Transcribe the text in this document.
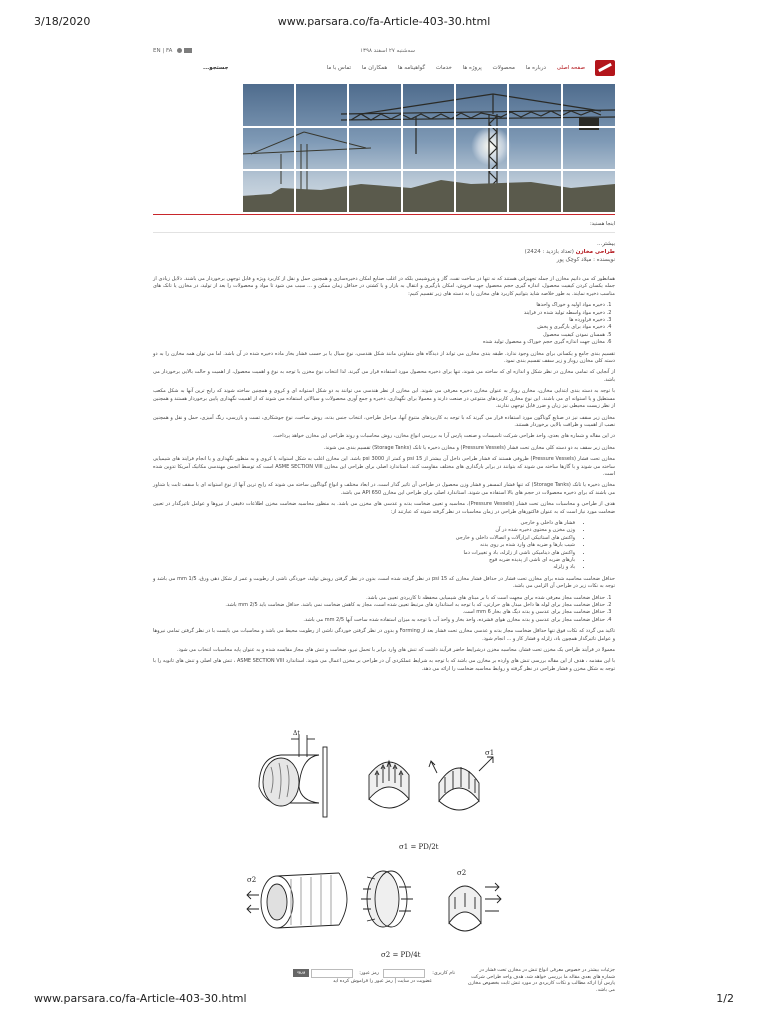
3/18/2020	www.parsara.co/fa-Article-403-30.html
سه‌شنبه ۲۷ اسفند ۱۳۹۸
EN | FA
صفحه اصلی درباره ما محصولات پروژه ها خدمات گواهینامه ها همکاران ما تماس با ما
جستجو...
اینجا هستید:
بیشتر...
طراحی مخازن (تعداد بازدید : 2424)
نویسنده : میلاد کوچک پور

همانطور که می دانیم مخازن از جمله تجهیزاتی هستند که نه تنها در ساخت نفت، گاز و پتروشیمی بلکه در اغلب صنایع امکان ذخیره‌سازی و همچنین حمل و نقل از کاربرد ویژه و قابل توجهی برخوردار می باشند. دلایل زیادی از جمله یکسان کردن کیفیت محصول، اندازه گیری حجم محصول جهت فروش، امکان بارگیری و انتقال به بازار و یا کشتی در حداقل زمان ممکن و ... سبب می شود تا مواد و محصولات را بعد از تولید، در مخازن یا تانک های مناسب ذخیره نمایند. به طور خلاصه شاید بتوانیم کاربرد های مخازن را به دسته های زیر تقسیم کنیم:

1. ذخیره مواد اولیه و خوراک واحدها
2. ذخیره مواد واسطه تولید شده در فرایند
3. ذخیره فراورده ها
4. ذخیره مواد برای بارگیری و پخش
5. همسان نمودن کیفیت محصول
6. مخازن جهت اندازه گیری حجم خوراک و محصول تولید شده

تقسیم بندی جامع و یکسانی برای مخازن وجود ندارد. طبقه بندی مخازن می تواند از دیدگاه های متفاوتی مانند شکل هندسی، نوع سیال یا بر حسب فشار بخار ماده ذخیره شده در آن باشد. اما می توان همه مخازن را به دو دسته کلی مخازن روباز و زیر سقف تقسیم بندی نمود.

از آنجایی که تمامی مخازن در نظر شکل و اندازه ای که ساخته می شوند، تنها برای ذخیره محصول مورد استفاده قرار می گیرند. لذا انتخاب نوع مخزن با توجه به نوع و اهمیت محصول، از اهمیت و حالت بالایی برخوردار می باشد.

با توجه به دسته بندی ابتدایی مخازن، مخازن روباز به عنوان مخازن ذخیره معرفی می شوند. این مخازن از نظر هندسی می توانند به دو شکل استوانه ای و کروی و همچنین ساخته شوند که رایج ترین آنها به شکل مکعب مستطیل و یا استوانه ای می باشند. این نوع مخازن کاربردهای متنوعی در صنعت دارند و معمولا برای نگهداری، ذخیره و جمع آوری محصولات و سیالاتی استفاده می شوند که از اهمیت نگهداری پایین برخوردار هستند و همچنین از نظر زیست محیطی نیز زیان و ضرر قابل توجهی ندارند.

مخازن زیر سقف نیز در صنایع گوناگون مورد استفاده قرار می گیرند که با توجه به کاربردهای متنوع آنها، مراحل طراحی، انتخاب جنس بدنه، روش ساخت، نوع جوشکاری، تست و بازرسی، رنگ آمیزی، حمل و نقل و همچنین نصب از اهمیت و ظرافت بالایی برخوردار هستند.

در این مقاله و شماره های بعدی، واحد طراحی شرکت تاسیسات و صنعت پارس آرا به بررسی انواع مخازن، روش محاسبات و روند طراحی این مخازن خواهد پرداخت.

مخازن زیر سقف به دو دسته کلی مخازن تحت فشار (Pressure Vessels) و مخازن ذخیره یا تانک (Storage Tanks) تقسیم بندی می شوند.

مخازن تحت فشار (Pressure Vessels) ظروفی هستند که فشار طراحی داخل آن بیشتر از psi 15 و کمتر از psi 3000 باشد. این مخازن اغلب به شکل استوانه یا کروی و به منظور نگهداری و یا انجام فرایند های شیمیایی ساخته می شوند و با گازها ساخته می شوند که بتوانند در برابر بارگذاری های مختلف مقاومت کنند. استاندارد اصلی برای طراحی این مخازن ASME SECTION VIII است که توسط انجمن مهندسی مکانیک آمریکا تدوین شده است.

مخازن ذخیره یا تانک (Storage Tanks) که تنها فشار اتمسفر و فشار وزن محصول در طراحی آن تاثیر گذار است، در ابعاد مختلف و انواع گوناگون ساخته می شوند که رایج ترین آنها از نوع استوانه ای با سقف ثابت یا شناور می باشند که برای ذخیره محصولات در حجم های بالا استفاده می شوند. استاندارد اصلی برای طراحی این مخازن API 650 می باشد.

هدف از طراحی و محاسبات مخازن تحت فشار (Pressure Vessels)، محاسبه و تعیین ضخامت بدنه و عدسی های مخزن می باشد. به منظور محاسبه ضخامت مخزن اطلاعات دقیقی از نیروها و عوامل تاثیرگذار در تعیین ضخامت مورد نیاز است که به عنوان فاکتورهای طراحی در زمان محاسبات در نظر گرفته شوند که عبارتند از:

• فشار های داخلی و خارجی
• وزن مخزن و محتوی ذخیره شده در آن
• واکنش های استاتیکی ابزارآلات و اتصالات داخلی و خارجی
• شیب بارها و ضربه های وارد شده بر روی بدنه
• واکنش های دینامیکی ناشی از زلزله، باد و تغییرات دما
• بارهای ضربه ای ناشی از پدیده ضربه قوچ
• باد و زلزله

حداقل ضخامت محاسبه شده برای مخازن تحت فشار در حداقل فشار مخازن که psi 15 در نظر گرفته شده است، بدون در نظر گرفتن رویش تولید، خوردگی ناشی از رطوبت و عمر از شکل دهی ورق، mm 1/5 می باشد و توجه به نکات زیر در طراحی آن الزامی می باشد.

1. حداقل ضخامت مجاز معرفی شده برای مجهت است که با بر مبنای های شیمیایی محفظه تا کاربردی تعیین می باشد.
2. حداقل ضخامت مجاز برای لوله ها داخل مبدل های حرارتی، که با توجه به استاندارد های مرتبط تعیین شده است، مجاز به کاهش ضخامت نمی باشد. حداقل ضخامت باید mm 2/5 باشد.
3. حداقل ضخامت مجاز برای عدسی و بدنه دیگ های بخار mm 6 است.
4. حداقل ضخامت مجاز برای عدسی و بدنه مخازن هوای فشرده، واحد بخار و واحد آب با توجه به میزان استفاده شده ساخت آنها mm 2/5 می باشد.

تاکید می گردد که نکات فوق تنها حداقل ضخامت مجاز بدنه و عدسی مخازن تحت فشار بعد از Forming و بدون در نظر گرفتن خوردگی ناشی از رطوبت محیط می باشد و محاسبات می بایست با در نظر گرفتن تمامی نیروها و عوامل تاثیرگذار همچون باد، زلزله و فشار کار و ... انجام شود.

معمولا در فرآیند طراحی یک مخزن تحت فشار، محاسبه مخزن درشرایط حاضر فرآیند داشت که تنش های وارد برابر با تحمل نیرو، ضخامت و تنش های مجاز مقایسه شده و به عنوان پایه محاسبات انتخاب می شود.

با این مقدمه ، هدف از این مقاله بررسی تنش های وارده بر مخازن می باشد که با توجه به شرایط عملکردی آن در طراحی بر مخزن اعمال می شوند. استاندارد ASME SECTION VIII ، تنش های اصلی و تنش های ثانویه را با توجه به شکل مخزن و فشار طراحی در نظر گرفته و روابط محاسبه ضخامت را ارائه می دهد.

Δt
σ1
σ2
σ2
σ1 = PD/2t
σ2 = PD/4t
جزئیات بیشتر در خصوص معرفی انواع تنش در مخازن تحت فشار در شماره های بعدی مقاله ما بررسی خواهد شد. هدف واحد طراحی شرکت پارس آرا ارائه مطالب و نکات کاربردی در مورد تنش ثابت بخصوص مخازن می باشد.
نام کاربری:
رمز عبور:
ورود
عضویت در سایت | رمز عبور را فراموش کرده اید
www.parsara.co/fa-Article-403-30.html	1/2
